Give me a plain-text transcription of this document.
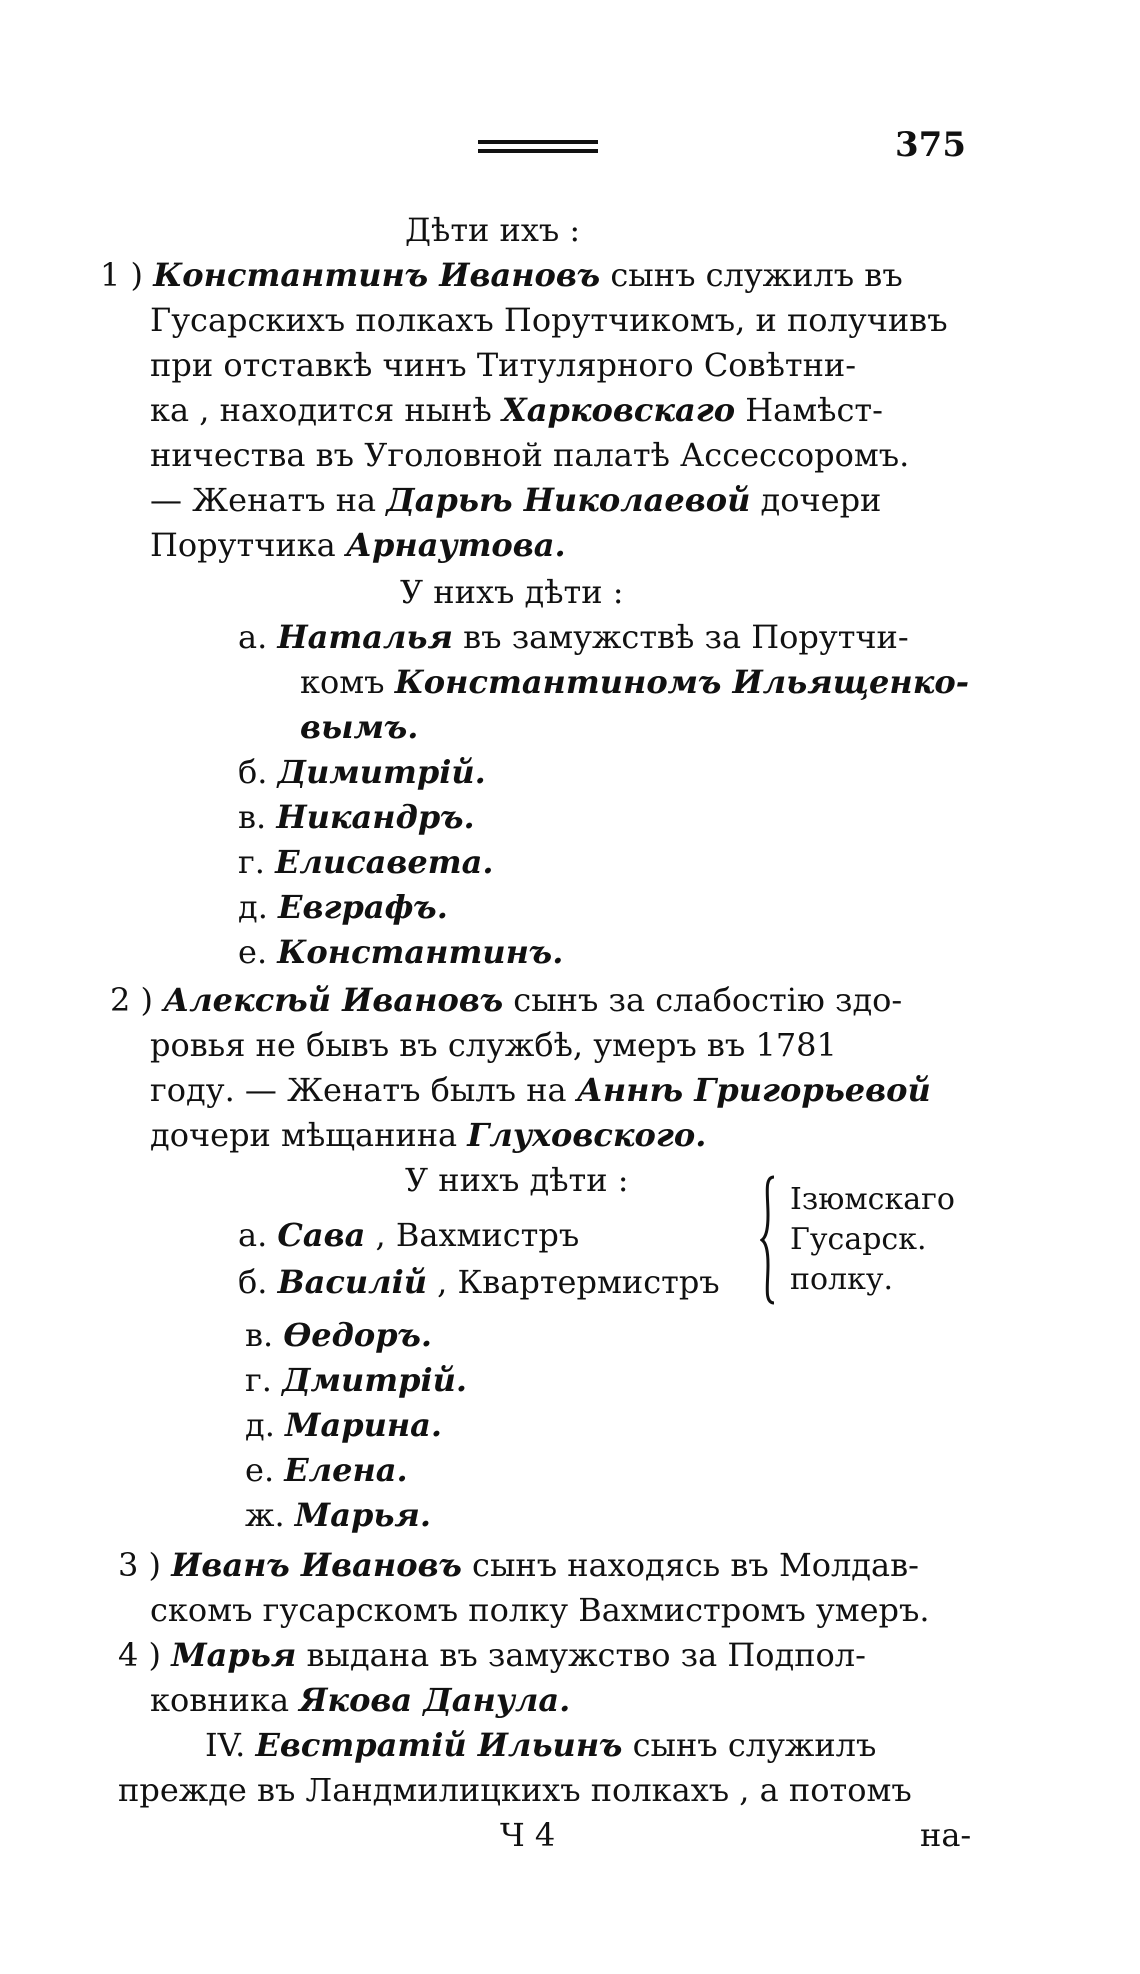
375
Дѣти ихъ :
1 ) Константинъ Ивановъ сынъ служилъ въ
Гусарскихъ полкахъ Порутчикомъ, и получивъ
при отставкѣ чинъ Титулярного Совѣтни-
ка , находится нынѣ Харковскаго Намѣст-
ничества въ Уголовной палатѣ Ассессоромъ.
— Женатъ на Дарьѣ Николаевой дочери
Порутчика Арнаутова.
У нихъ дѣти :
а. Наталья въ замужствѣ за Порутчи-
комъ Константиномъ Ильященко-
вымъ.
б. Димитрій.
в. Никандръ.
г. Елисавета.
д. Евграфъ.
е. Константинъ.
2 ) Алексѣй Ивановъ сынъ за слабостію здо-
ровья не бывъ въ службѣ, умеръ въ 1781
году. — Женатъ былъ на Аннѣ Григорьевой
дочери мѣщанина Глуховского.
У нихъ дѣти :
а. Сава , Вахмистръ
б. Василій , Квартермистръ
Ізюмскаго
Гусарск.
полку.
в. Ѳедоръ.
г. Дмитрій.
д. Марина.
е. Елена.
ж. Марья.
3 ) Иванъ Ивановъ сынъ находясь въ Молдав-
скомъ гусарскомъ полку Вахмистромъ умеръ.
4 ) Марья выдана въ замужство за Подпол-
ковника Якова Данула.
IV. Евстратій Ильинъ сынъ служилъ
прежде въ Ландмилицкихъ полкахъ , а потомъ
Ч 4	на-
